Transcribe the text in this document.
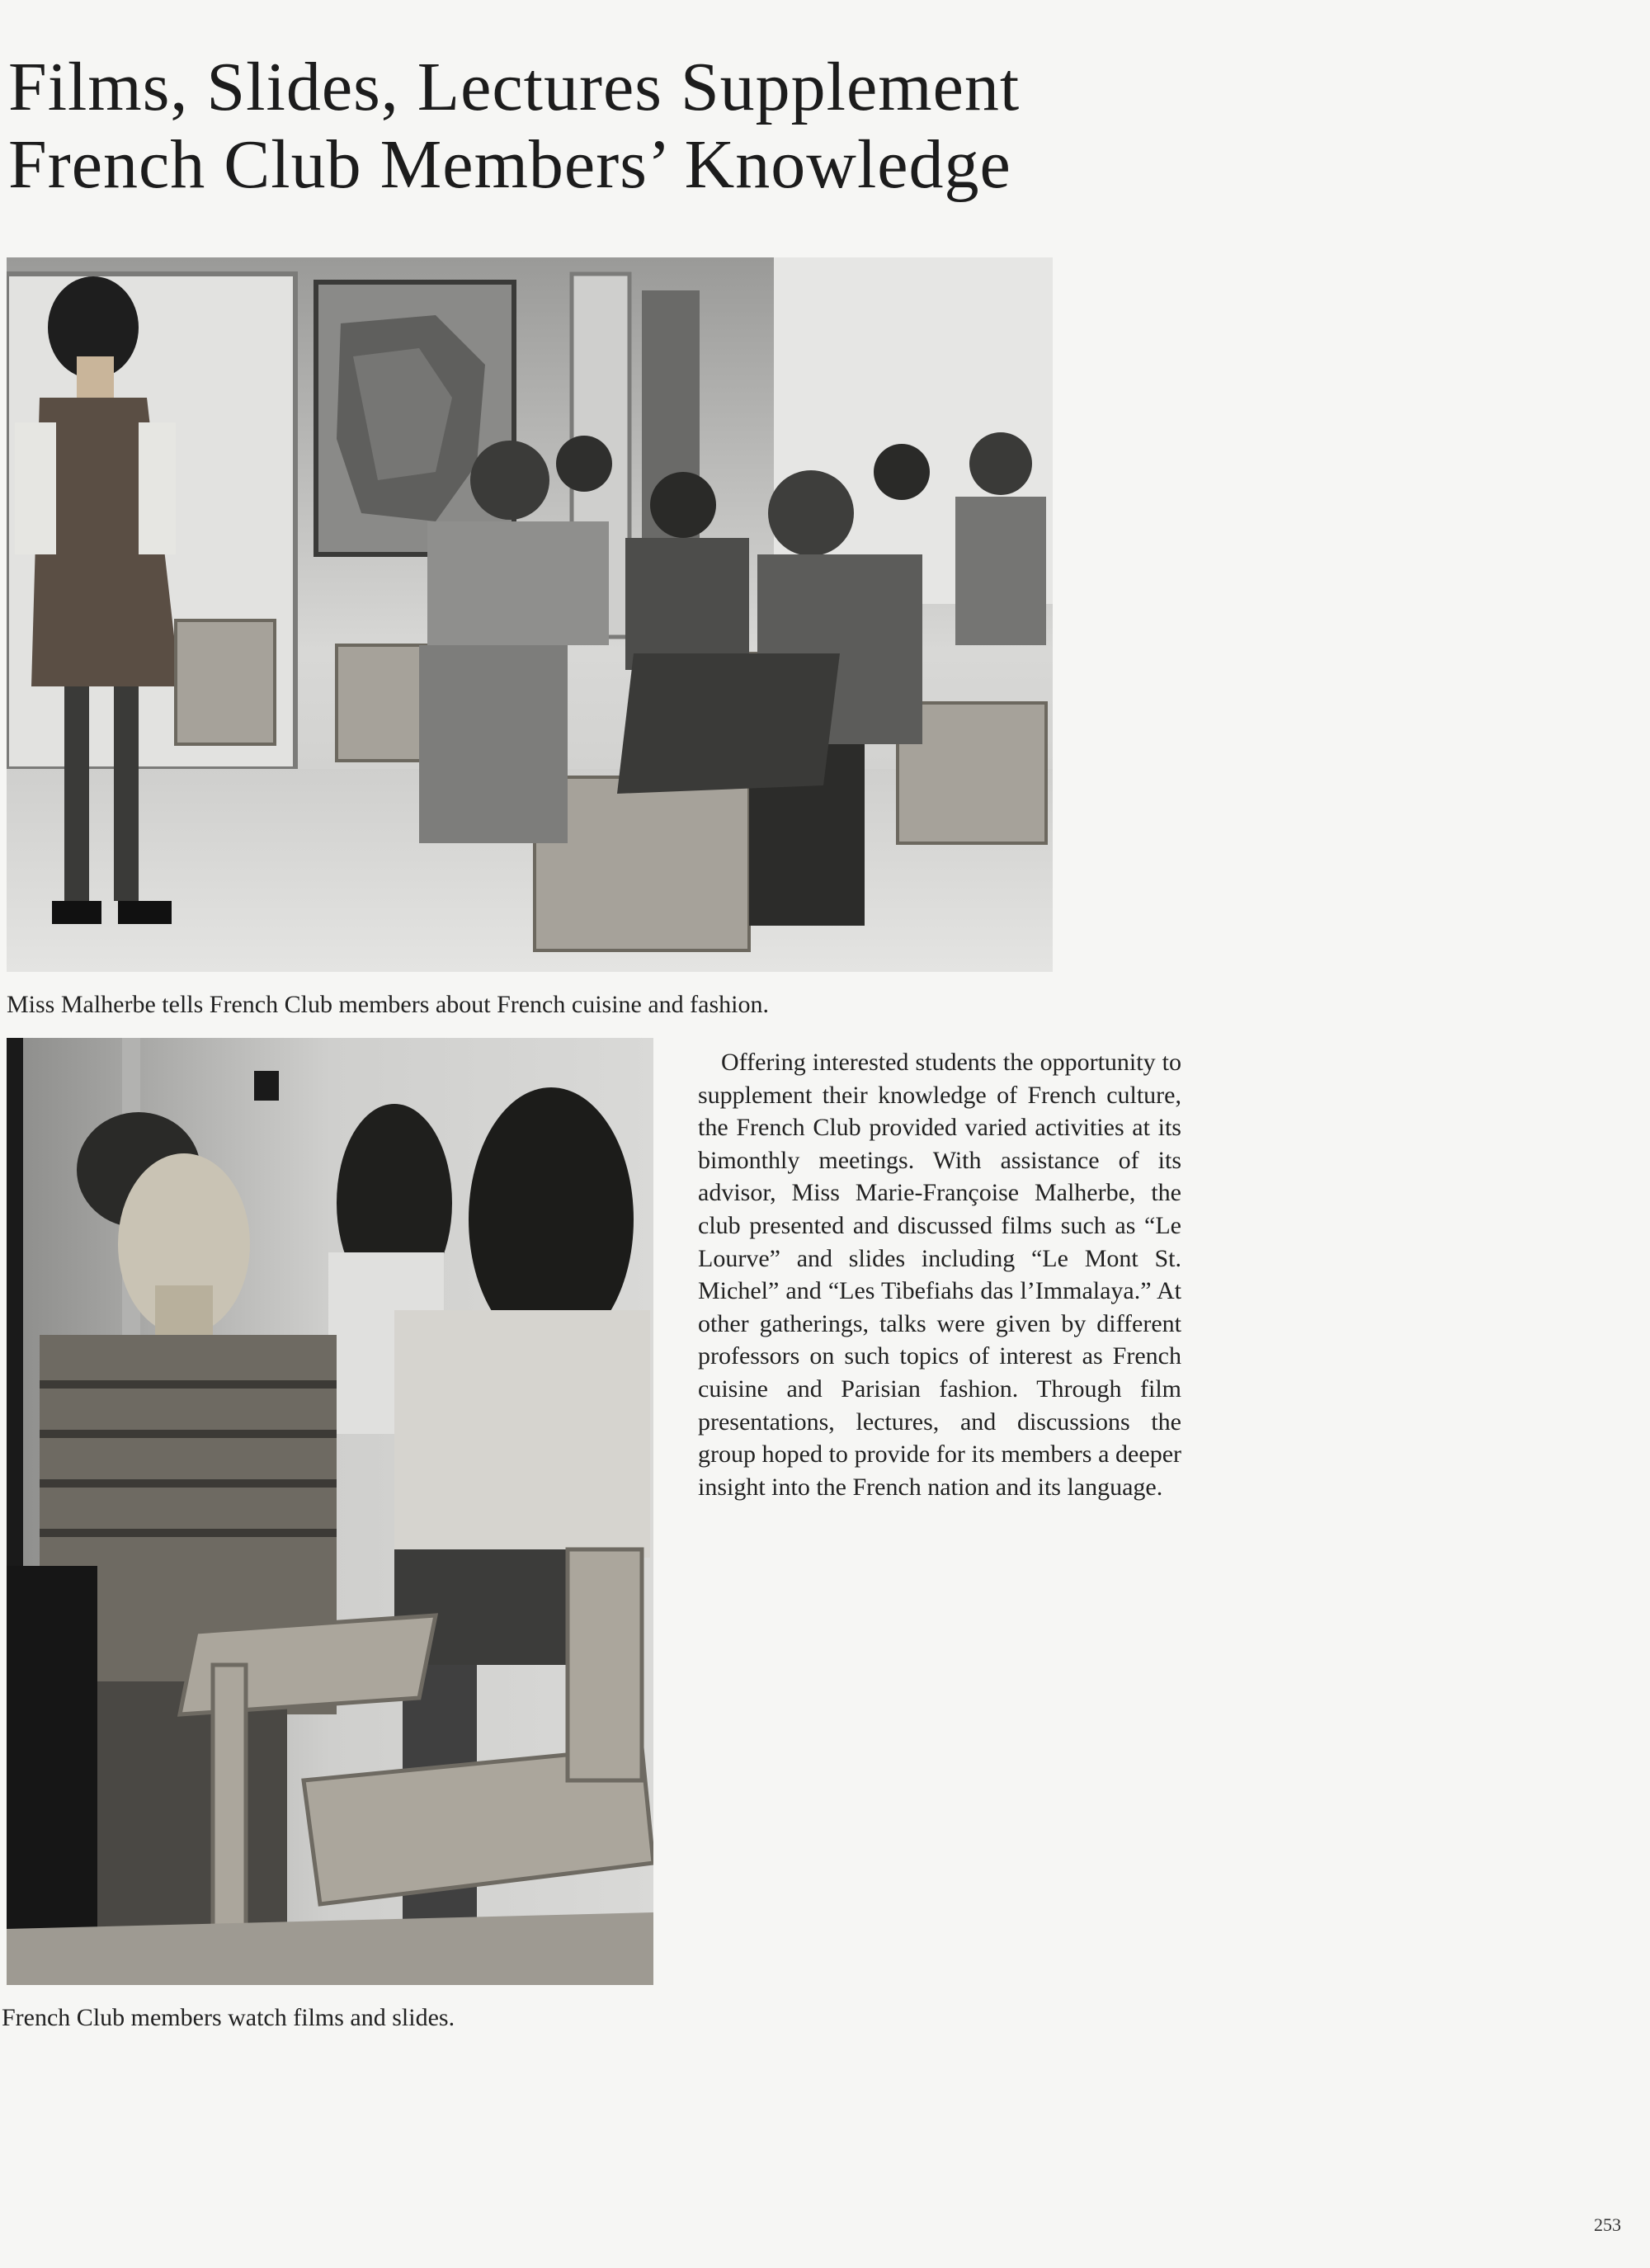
Films, Slides, Lectures Supplement
French Club Members’ Knowledge
Miss Malherbe tells French Club members about French cuisine and fashion.
French Club members watch films and slides.

Offering interested students the opportunity to supplement their knowledge of French culture, the French Club provided varied activities at its bimonthly meetings. With assistance of its advisor, Miss Marie-Françoise Malherbe, the club presented and discussed films such as “Le Lourve” and slides including “Le Mont St. Michel” and “Les Tibefiahs das l’Immalaya.” At other gatherings, talks were given by different professors on such topics of interest as French cuisine and Parisian fashion. Through film presentations, lectures, and discussions the group hoped to provide for its members a deeper insight into the French nation and its language.

253
